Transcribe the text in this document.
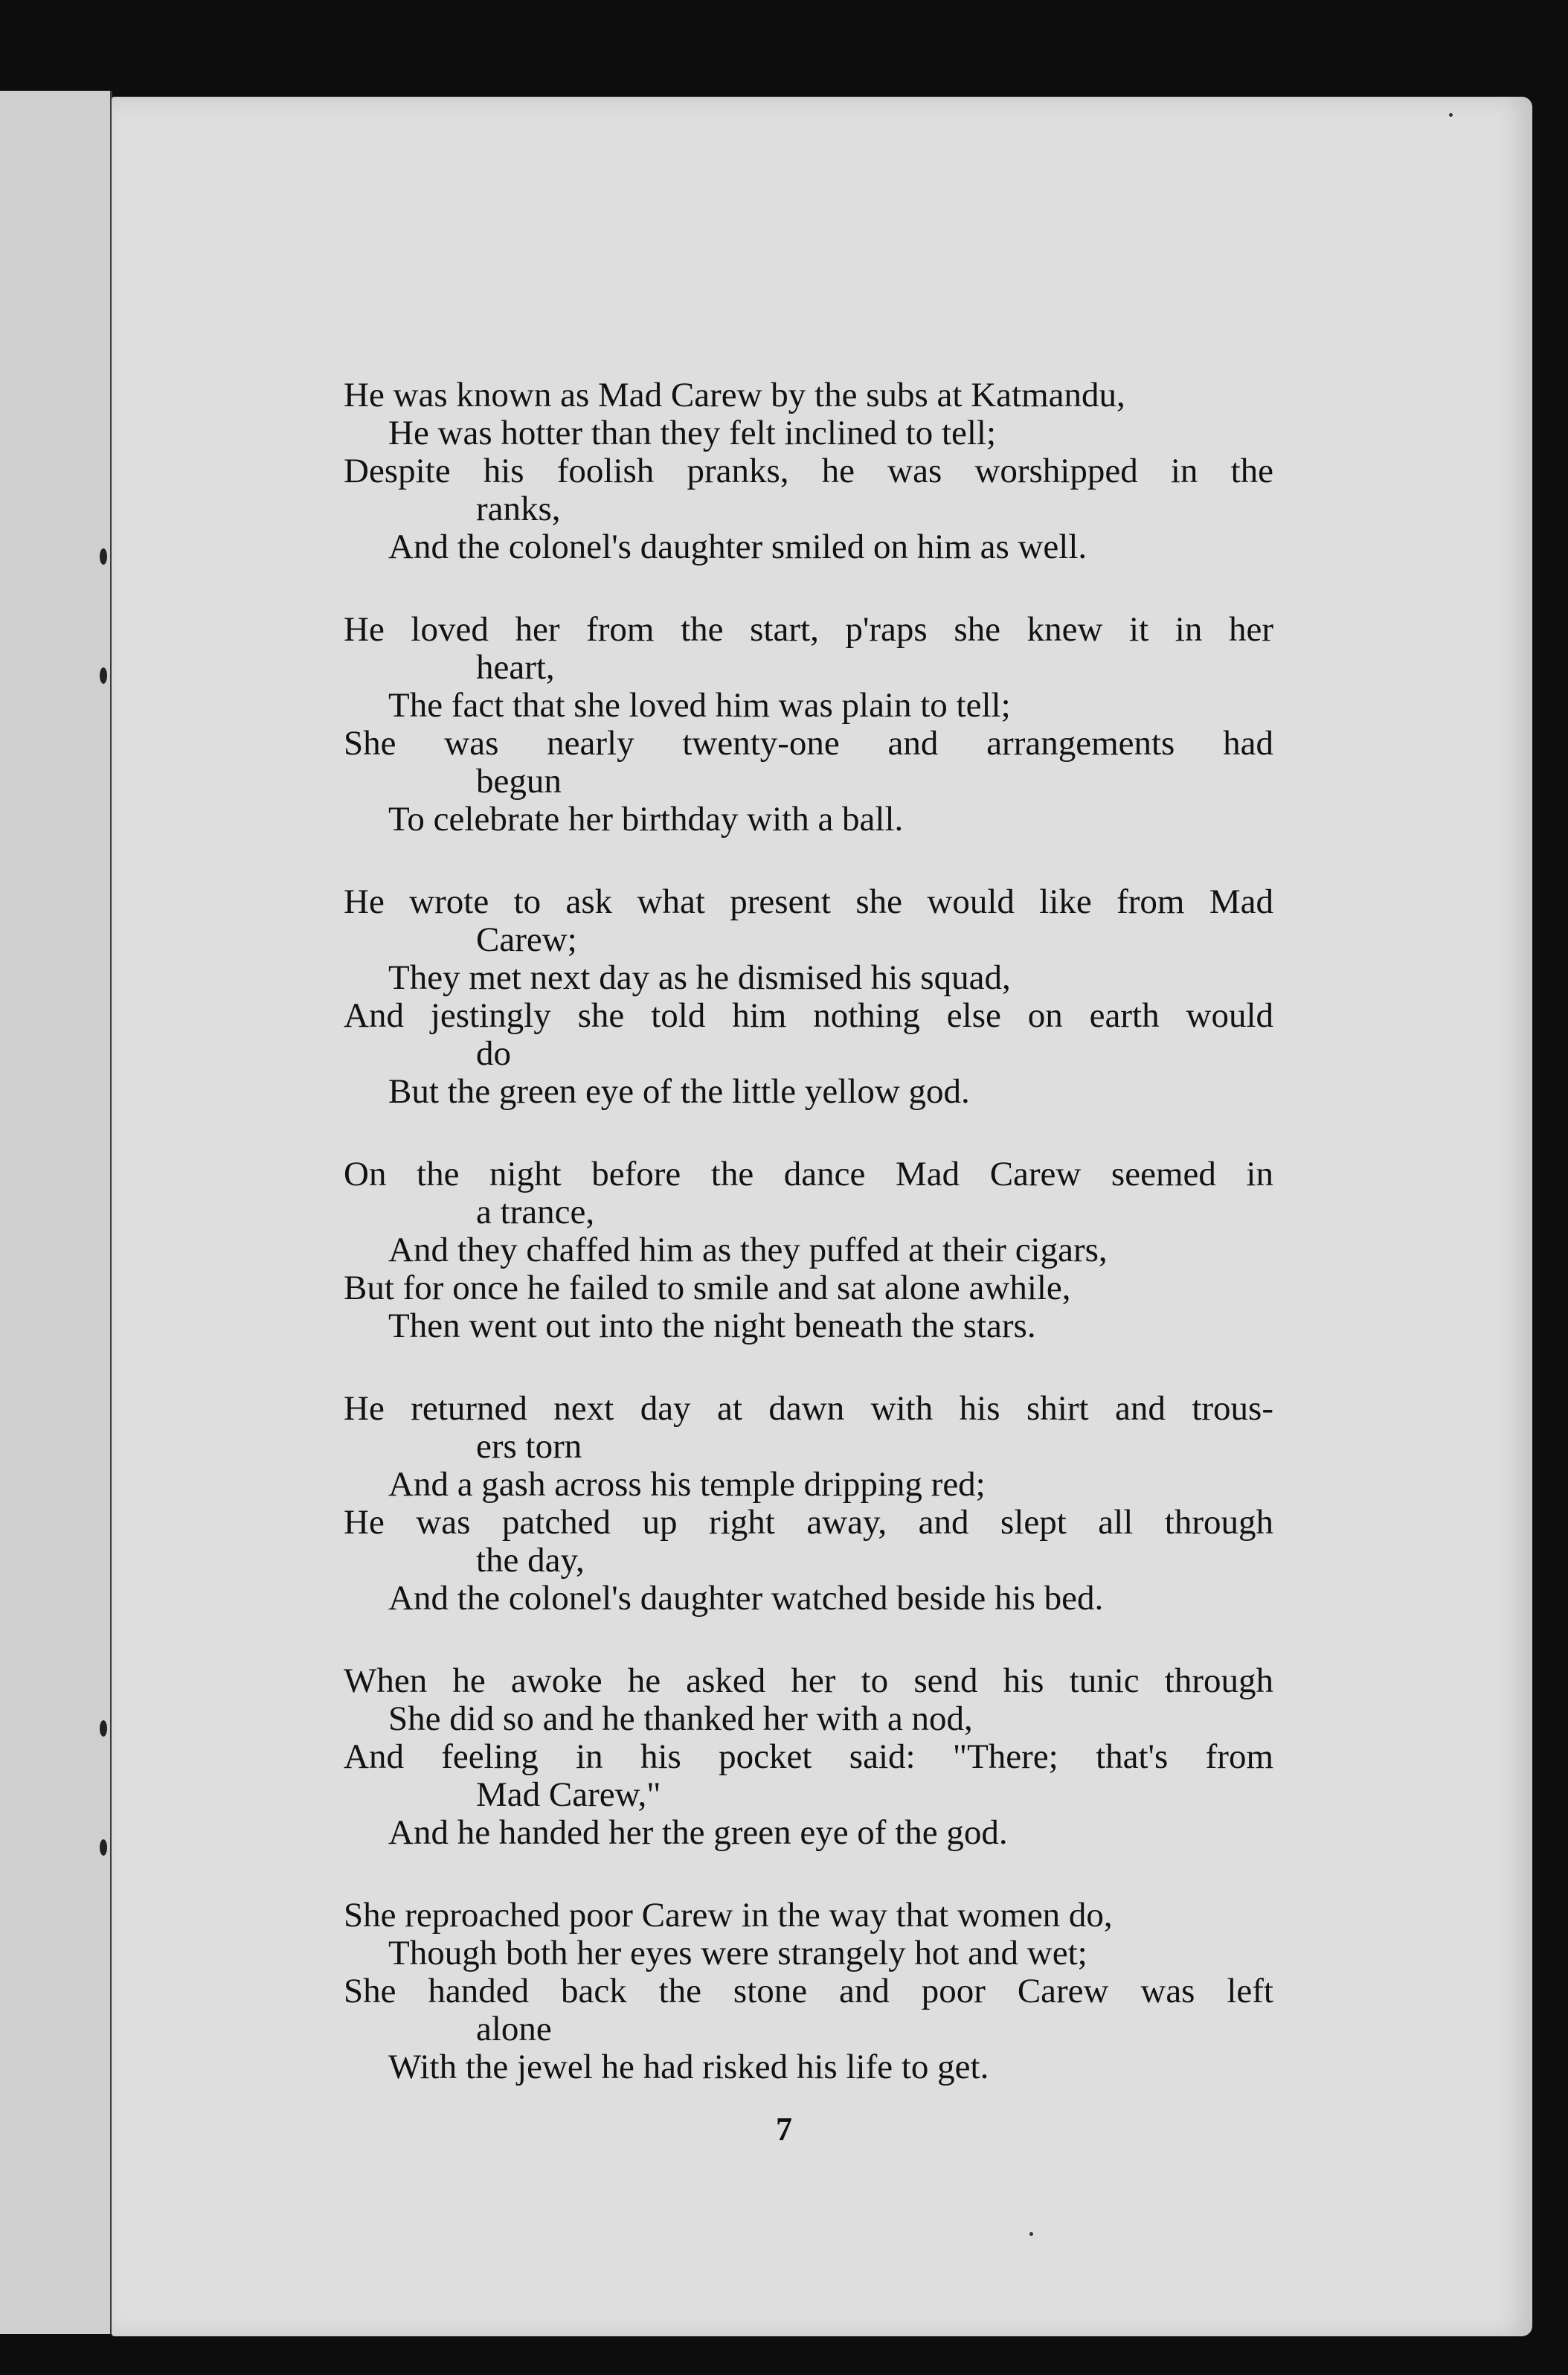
He was known as Mad Carew by the subs at Katmandu,
He was hotter than they felt inclined to tell;
Despite his foolish pranks, he was worshipped in the
ranks,
And the colonel's daughter smiled on him as well.
He loved her from the start, p'raps she knew it in her
heart,
The fact that she loved him was plain to tell;
She was nearly twenty-one and arrangements had
begun
To celebrate her birthday with a ball.
He wrote to ask what present she would like from Mad
Carew;
They met next day as he dismised his squad,
And jestingly she told him nothing else on earth would
do
But the green eye of the little yellow god.
On the night before the dance Mad Carew seemed in
a trance,
And they chaffed him as they puffed at their cigars,
But for once he failed to smile and sat alone awhile,
Then went out into the night beneath the stars.
He returned next day at dawn with his shirt and trous-
ers torn
And a gash across his temple dripping red;
He was patched up right away, and slept all through
the day,
And the colonel's daughter watched beside his bed.
When he awoke he asked her to send his tunic through
She did so and he thanked her with a nod,
And feeling in his pocket said: "There; that's from
Mad Carew,"
And he handed her the green eye of the god.
She reproached poor Carew in the way that women do,
Though both her eyes were strangely hot and wet;
She handed back the stone and poor Carew was left
alone
With the jewel he had risked his life to get.
7
